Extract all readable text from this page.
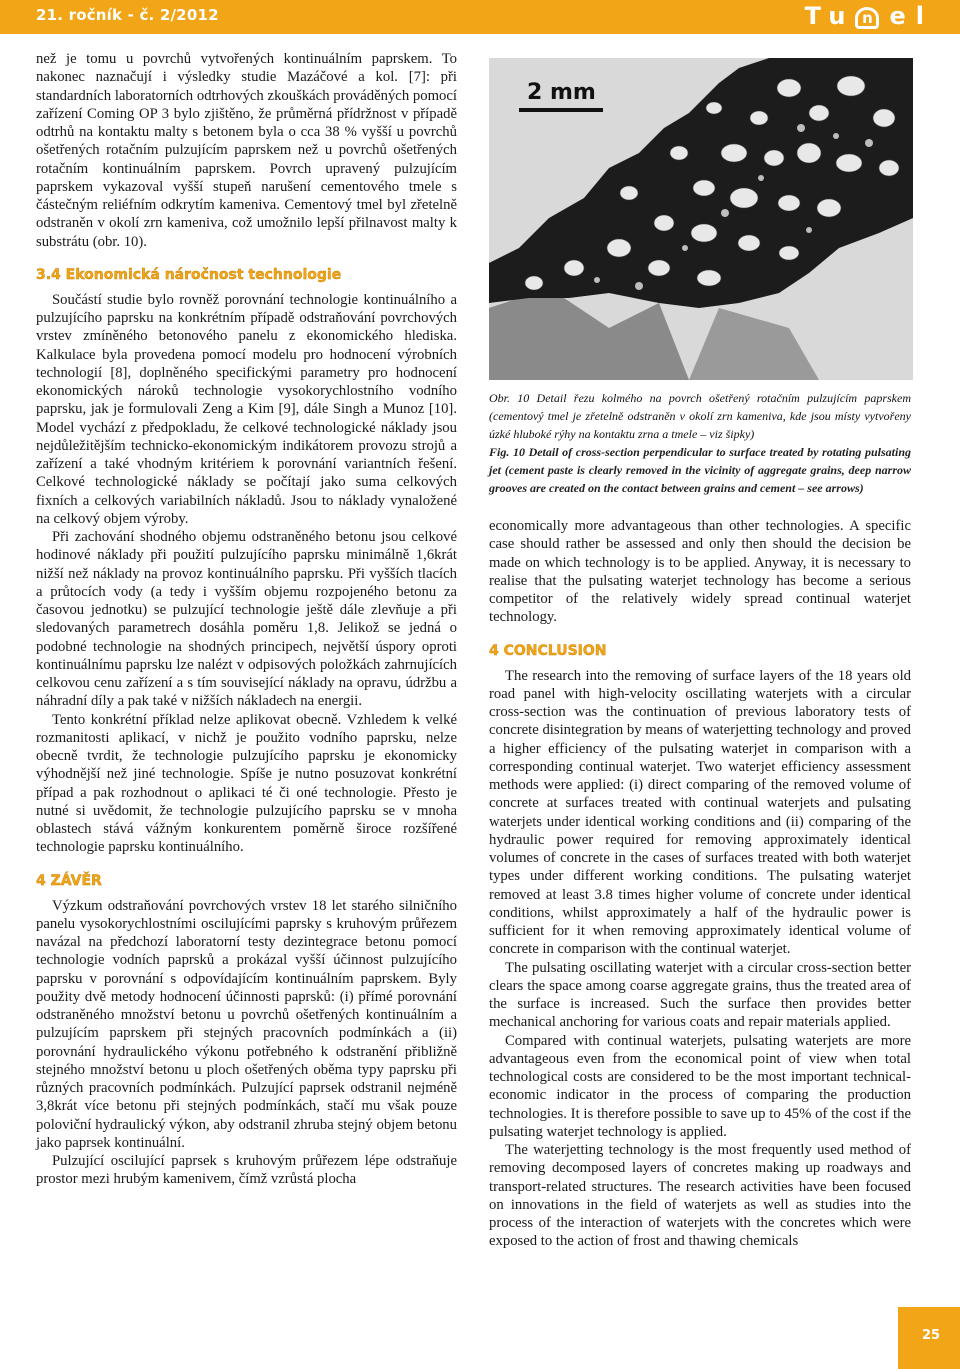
21. ročník - č. 2/2012	Tu n el

než je tomu u povrchů vytvořených kontinuálním paprskem. To nakonec naznačují i výsledky studie Mazáčové a kol. [7]: při standardních laboratorních odtrhových zkouškách prováděných pomocí zařízení Coming OP 3 bylo zjištěno, že průměrná přídržnost v případě odtrhů na kontaktu malty s betonem byla o cca 38 % vyšší u povrchů ošetřených rotačním pulzujícím paprskem než u povrchů ošetřených rotačním kontinuálním paprskem. Povrch upravený pulzujícím paprskem vykazoval vyšší stupeň narušení cementového tmele s částečným reliéfním odkrytím kameniva. Cementový tmel byl zřetelně odstraněn v okolí zrn kameniva, což umožnilo lepší přilnavost malty k substrátu (obr. 10).

3.4 Ekonomická náročnost technologie

Součástí studie bylo rovněž porovnání technologie kontinuálního a pulzujícího paprsku na konkrétním případě odstraňování povrchových vrstev zmíněného betonového panelu z ekonomického hlediska. Kalkulace byla provedena pomocí modelu pro hodnocení výrobních technologií [8], doplněného specifickými parametry pro hodnocení ekonomických nároků technologie vysokorychlostního vodního paprsku, jak je formulovali Zeng a Kim [9], dále Singh a Munoz [10]. Model vychází z předpokladu, že celkové technologické náklady jsou nejdůležitějším technicko-ekonomickým indikátorem provozu strojů a zařízení a také vhodným kritériem k porovnání variantních řešení. Celkové technologické náklady se počítají jako suma celkových fixních a celkových variabilních nákladů. Jsou to náklady vynaložené na celkový objem výroby.

Při zachování shodného objemu odstraněného betonu jsou celkové hodinové náklady při použití pulzujícího paprsku minimálně 1,6krát nižší než náklady na provoz kontinuálního paprsku. Při vyšších tlacích a průtocích vody (a tedy i vyšším objemu rozpojeného betonu za časovou jednotku) se pulzující technologie ještě dále zlevňuje a při sledovaných parametrech dosáhla poměru 1,8. Jelikož se jedná o podobné technologie na shodných principech, největší úspory oproti kontinuálnímu paprsku lze nalézt v odpisových položkách zahrnujících celkovou cenu zařízení a s tím související náklady na opravu, údržbu a náhradní díly a pak také v nižších nákladech na energii.

Tento konkrétní příklad nelze aplikovat obecně. Vzhledem k velké rozmanitosti aplikací, v nichž je použito vodního paprsku, nelze obecně tvrdit, že technologie pulzujícího paprsku je ekonomicky výhodnější než jiné technologie. Spíše je nutno posuzovat konkrétní případ a pak rozhodnout o aplikaci té či oné technologie. Přesto je nutné si uvědomit, že technologie pulzujícího paprsku se v mnoha oblastech stává vážným konkurentem poměrně široce rozšířené technologie paprsku kontinuálního.

4 ZÁVĚR

Výzkum odstraňování povrchových vrstev 18 let starého silničního panelu vysokorychlostními oscilujícími paprsky s kruhovým průřezem navázal na předchozí laboratorní testy dezintegrace betonu pomocí technologie vodních paprsků a prokázal vyšší účinnost pulzujícího paprsku v porovnání s odpovídajícím kontinuálním paprskem. Byly použity dvě metody hodnocení účinnosti paprsků: (i) přímé porovnání odstraněného množství betonu u povrchů ošetřených kontinuálním a pulzujícím paprskem při stejných pracovních podmínkách a (ii) porovnání hydraulického výkonu potřebného k odstranění přibližně stejného množství betonu u ploch ošetřených oběma typy paprsku při různých pracovních podmínkách. Pulzující paprsek odstranil nejméně 3,8krát více betonu při stejných podmínkách, stačí mu však pouze poloviční hydraulický výkon, aby odstranil zhruba stejný objem betonu jako paprsek kontinuální.

Pulzující oscilující paprsek s kruhovým průřezem lépe odstraňuje prostor mezi hrubým kamenivem, čímž vzrůstá plocha

2 mm
Obr. 10 Detail řezu kolmého na povrch ošetřený rotačním pulzujícím paprskem (cementový tmel je zřetelně odstraněn v okolí zrn kameniva, kde jsou místy vytvořeny úzké hluboké rýhy na kontaktu zrna a tmele – viz šipky)
Fig. 10 Detail of cross-section perpendicular to surface treated by rotating pulsating jet (cement paste is clearly removed in the vicinity of aggregate grains, deep narrow grooves are created on the contact between grains and cement – see arrows)

economically more advantageous than other technologies. A specific case should rather be assessed and only then should the decision be made on which technology is to be applied. Anyway, it is necessary to realise that the pulsating waterjet technology has become a serious competitor of the relatively widely spread continual waterjet technology.

4 CONCLUSION

The research into the removing of surface layers of the 18 years old road panel with high-velocity oscillating waterjets with a circular cross-section was the continuation of previous laboratory tests of concrete disintegration by means of waterjetting technology and proved a higher efficiency of the pulsating waterjet in comparison with a corresponding continual waterjet. Two waterjet efficiency assessment methods were applied: (i) direct comparing of the removed volume of concrete at surfaces treated with continual waterjets and pulsating waterjets under identical working conditions and (ii) comparing of the hydraulic power required for removing approximately identical volumes of concrete in the cases of surfaces treated with both waterjet types under different working conditions. The pulsating waterjet removed at least 3.8 times higher volume of concrete under identical conditions, whilst approximately a half of the hydraulic power is sufficient for it when removing approximately identical volume of concrete in comparison with the continual waterjet.

The pulsating oscillating waterjet with a circular cross-section better clears the space among coarse aggregate grains, thus the treated area of the surface is increased. Such the surface then provides better mechanical anchoring for various coats and repair materials applied.

Compared with continual waterjets, pulsating waterjets are more advantageous even from the economical point of view when total technological costs are considered to be the most important technical-economic indicator in the process of comparing the production technologies. It is therefore possible to save up to 45% of the cost if the pulsating waterjet technology is applied.

The waterjetting technology is the most frequently used method of removing decomposed layers of concretes making up roadways and transport-related structures. The research activities have been focused on innovations in the field of waterjets as well as studies into the process of the interaction of waterjets with the concretes which were exposed to the action of frost and thawing chemicals

25
